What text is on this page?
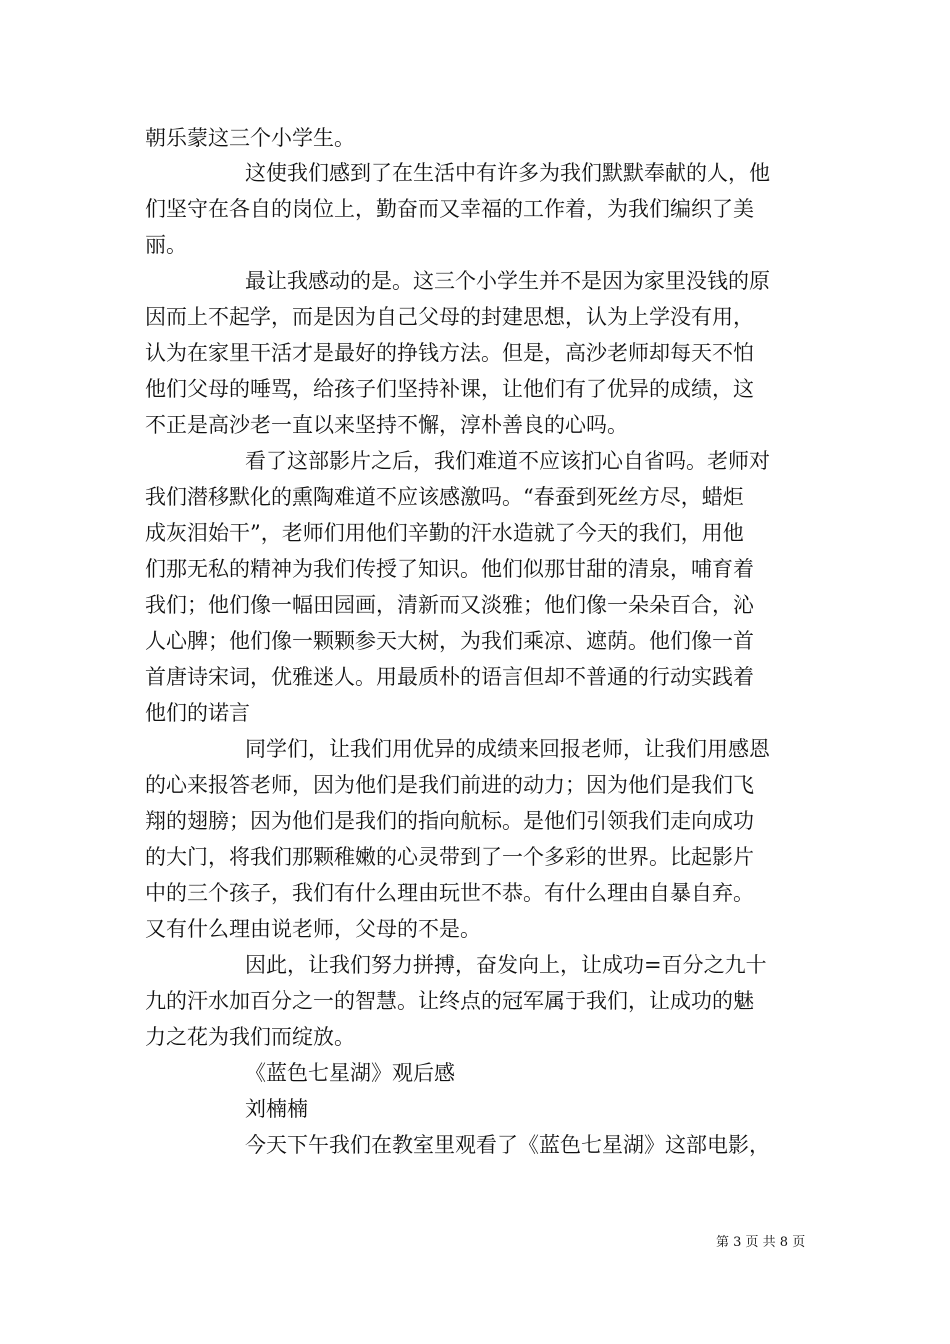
朝乐蒙这三个小学生。
这使我们感到了在生活中有许多为我们默默奉献的人，他
们坚守在各自的岗位上，勤奋而又幸福的工作着，为我们编织了美
丽。
最让我感动的是。这三个小学生并不是因为家里没钱的原
因而上不起学，而是因为自己父母的封建思想，认为上学没有用，
认为在家里干活才是最好的挣钱方法。但是，高沙老师却每天不怕
他们父母的唾骂，给孩子们坚持补课，让他们有了优异的成绩，这
不正是高沙老一直以来坚持不懈，淳朴善良的心吗。
看了这部影片之后，我们难道不应该扪心自省吗。老师对
我们潜移默化的熏陶难道不应该感激吗。“春蚕到死丝方尽，蜡炬
成灰泪始干”，老师们用他们辛勤的汗水造就了今天的我们，用他
们那无私的精神为我们传授了知识。他们似那甘甜的清泉，哺育着
我们；他们像一幅田园画，清新而又淡雅；他们像一朵朵百合，沁
人心脾；他们像一颗颗参天大树，为我们乘凉、遮荫。他们像一首
首唐诗宋词，优雅迷人。用最质朴的语言但却不普通的行动实践着
他们的诺言
同学们，让我们用优异的成绩来回报老师，让我们用感恩
的心来报答老师，因为他们是我们前进的动力；因为他们是我们飞
翔的翅膀；因为他们是我们的指向航标。是他们引领我们走向成功
的大门，将我们那颗稚嫩的心灵带到了一个多彩的世界。比起影片
中的三个孩子，我们有什么理由玩世不恭。有什么理由自暴自弃。
又有什么理由说老师，父母的不是。
因此，让我们努力拼搏，奋发向上，让成功=百分之九十
九的汗水加百分之一的智慧。让终点的冠军属于我们，让成功的魅
力之花为我们而绽放。
《蓝色七星湖》观后感
刘楠楠
今天下午我们在教室里观看了《蓝色七星湖》这部电影，
第 3 页 共 8 页
